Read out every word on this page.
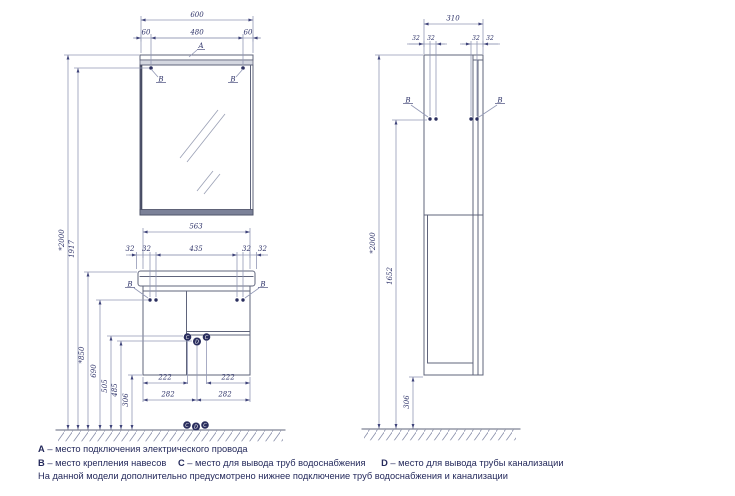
B	B
A
B	B
C
D
C
C D C
600
60	480	60
*2000 1917
*850
690
505 485
306
563
32 32	435	32 32
222	222
282	282
B	B
310
32 32	32 32
*2000
1652
306
A – место подключения электрического провода
B – место крепления навесов C – место для вывода труб водоснабжения D – место для вывода трубы канализации
На данной модели дополнительно предусмотрено нижнее подключение труб водоснабжения и канализации
